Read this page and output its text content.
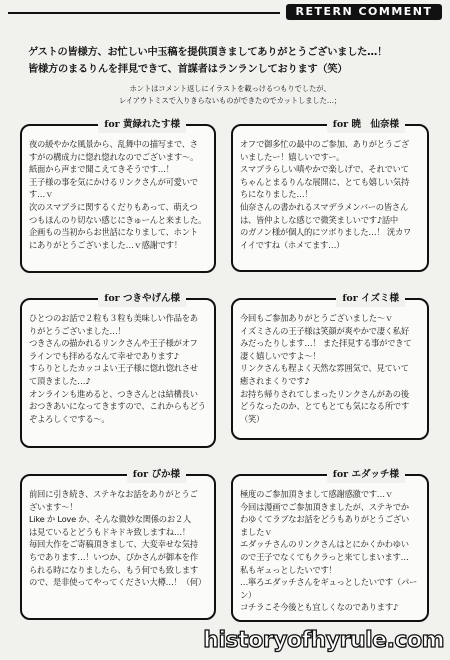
RETERN COMMENT
ゲストの皆様方、お忙しい中玉稿を提供頂きましてありがとうございました…！
皆様方のまるりんを拝見できて、首謀者はランランしております（笑）
ホントはコメント返しにイラストを載っけるつもりでしたが、
レイアウトミスで入りきらないものができたのでカットしました…；
for 黄緑れたす様
夜の緩やかな風景から、乱舞中の描写まで、さ
すがの構成力に惚れ惚れなのでございます〜。
紙面から声まで聞こえてきそうです…！
王子様の事を気にかけるリンクさんが可愛いで
す…ｖ
次のスマブラに関するくだりもあって、萌えつ
つもほんのり切ない感じにきゅーんと来ました。
企画もの当初からお世話になりまして、ホント
にありがとうございました…ｖ感謝です！
for 暁　仙奈様
オフで御多忙の最中のご参加、ありがとうござ
いましたー！嬉しいですー。
スマブラらしい嗔やかで楽しげで、それでいて
ちゃんとまるりんな展開に、とても嬉しい気持
ちになりました…！
仙奈さんの書かれるスマデラメンバーの皆さん
は、皆仲よしな感じで微笑ましいです♪話中
のガノン様が個人的にツボりました…！ 洸カワ
イイですね（ホメてます…）
for つきやげん様
ひとつのお話で２粒も３粒も美味しい作品をあ
りがとうございました…！
つきさんの描かれるリンクさんや王子様がオフ
ラインでも拝めるなんて幸せであります♪
すらりとしたカッコよい王子様に惚れ惚れさせ
て頂きました…♪
オンラインも進めると、つきさんとは結構長い
おつきあいになってきますので、これからもどう
ぞよろしくでする〜。
for イズミ様
今回もご参加ありがとうございました〜ｖ
イズミさんの王子様は笑顔が爽やかで凄く私好
みだったりします…！ また拝見する事ができて
凄く嬉しいですよ〜！
リンクさんも程よく天然な雰囲気で、見ていて
癒されまくりです♪
お持ち帰りされてしまったリンクさんがあの後
どうなったのか、とてもとても気になる所です
（笑）
for ぴか様
前回に引き続き、ステキなお話をありがとうご
ざいます〜！
Like か Love か、そんな微妙な関係のお２人
は見ているとどうもドキドキ致しますね…！
毎回大作をご寄稿頂きまして、大変幸せな気持
ちであります…！いつか、ぴかさんが御本を作
られる時になりましたら、もう何でも致します
ので、是非使ってやってください大樽…！（何）
for エダッチ様
極度のご参加頂きまして感謝感激です…ｖ
今回は漫画でご参加頂きましたが、ステキでか
わゆくてラブなお話をどうもありがとうござい
ましたｖ
エダッチさんのリンクさんはとにかくかわゆい
ので王子でなくてもクラっと来てしまいます…
私もギュっとしたいです！
…寧ろエダッチさんをギュっとしたいです（パーン）
コチラこそ今後とも宜しくなのであります♪
historyofhyrule.com
